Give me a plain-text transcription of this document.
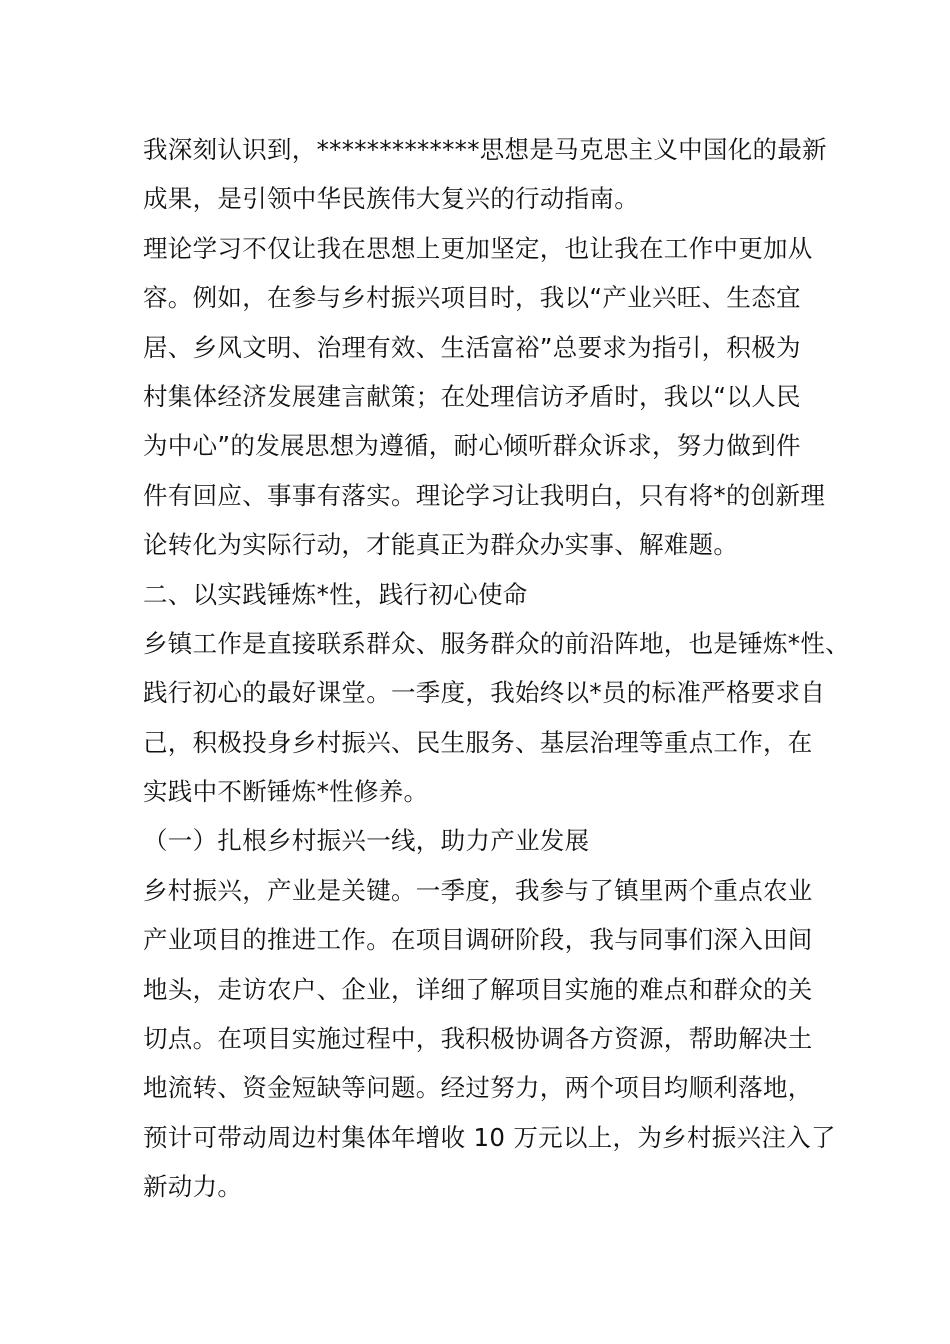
我深刻认识到，*************思想是马克思主义中国化的最新
成果，是引领中华民族伟大复兴的行动指南。
理论学习不仅让我在思想上更加坚定，也让我在工作中更加从
容。例如，在参与乡村振兴项目时，我以“产业兴旺、生态宜
居、乡风文明、治理有效、生活富裕”总要求为指引，积极为
村集体经济发展建言献策；在处理信访矛盾时，我以“以人民
为中心”的发展思想为遵循，耐心倾听群众诉求，努力做到件
件有回应、事事有落实。理论学习让我明白，只有将*的创新理
论转化为实际行动，才能真正为群众办实事、解难题。
二、以实践锤炼*性，践行初心使命
乡镇工作是直接联系群众、服务群众的前沿阵地，也是锤炼*性、
践行初心的最好课堂。一季度，我始终以*员的标准严格要求自
己，积极投身乡村振兴、民生服务、基层治理等重点工作，在
实践中不断锤炼*性修养。
（一）扎根乡村振兴一线，助力产业发展
乡村振兴，产业是关键。一季度，我参与了镇里两个重点农业
产业项目的推进工作。在项目调研阶段，我与同事们深入田间
地头，走访农户、企业，详细了解项目实施的难点和群众的关
切点。在项目实施过程中，我积极协调各方资源，帮助解决土
地流转、资金短缺等问题。经过努力，两个项目均顺利落地，
预计可带动周边村集体年增收 10 万元以上，为乡村振兴注入了
新动力。
